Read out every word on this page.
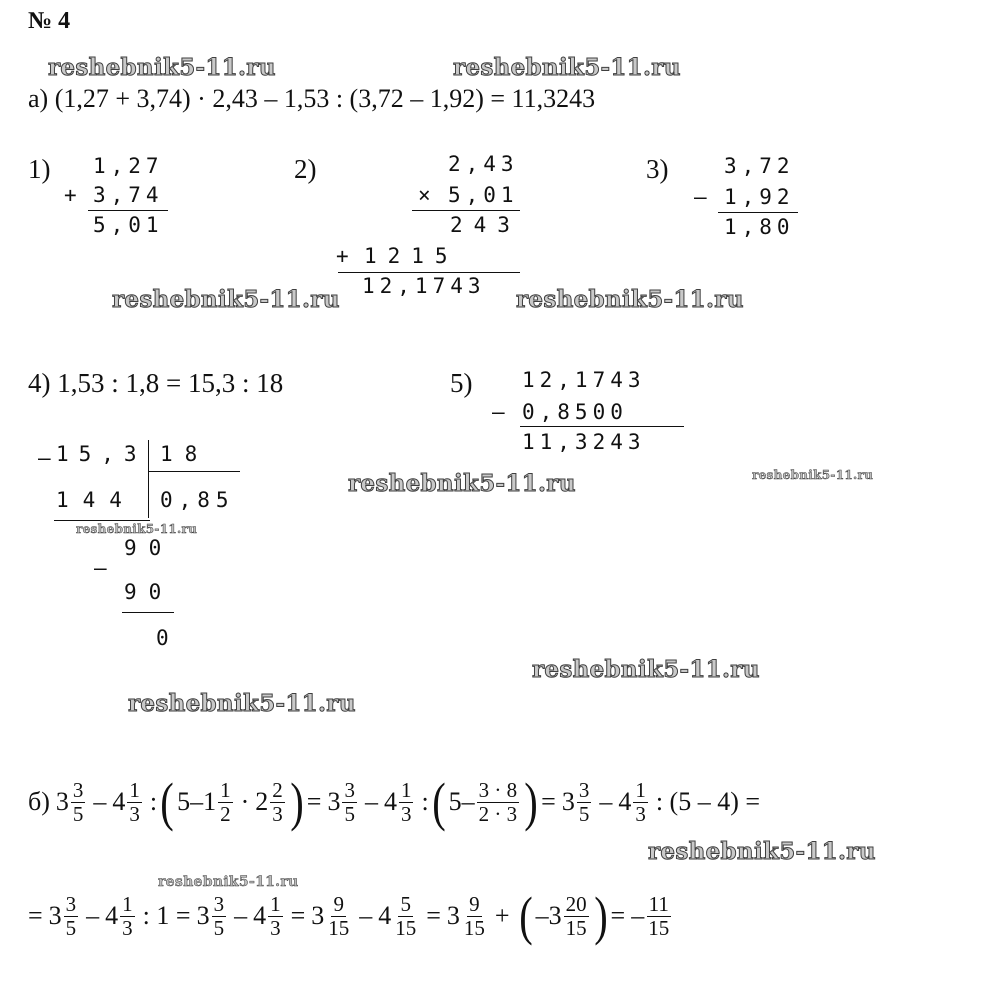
№ 4
reshebnik5-11.ru	reshebnik5-11.ru
reshebnik5-11.ru	reshebnik5-11.ru
reshebnik5-11.ru	reshebnik5-11.ru
reshebnik5-11.ru
reshebnik5-11.ru
reshebnik5-11.ru
reshebnik5-11.ru
reshebnik5-11.ru
а) (1,27 + 3,74) · 2,43 – 1,53 : (3,72 – 1,92) = 11,3243
1) 1,27
+ 3,74
5,01
2)	2,43
× 5,01
243
+ 1215
12,1743
3)	3,72
– 1,92
1,80
4) 1,53 : 1,8 = 15,3 : 18
– 15,3 18
144 0,85
90
–
90
0
5) 12,1743
– 0,8500
11,3243
б) $3 \frac{3}{5} - 4 \frac{1}{3}$ : ( $5 - 1 \frac{1}{2} \cdot 2 \frac{2}{3}$ ) = $3 \frac{3}{5} - 4 \frac{1}{3}$ : ( $5 - \frac{3 \cdot 8}{2 \cdot 3}$ ) = $3 \frac{3}{5} - 4 \frac{1}{3}$ : (5 – 4) =
= $3 \frac{3}{5} - 4 \frac{1}{3}$ : $1 = 3 \frac{3}{5} - 4 \frac{1}{3} = 3 \frac{9}{15} - 4 \frac{5}{15} = 3 \frac{9}{15}$ + ( $-3 \frac{20}{15}$ ) = – $\frac{11}{15}$
